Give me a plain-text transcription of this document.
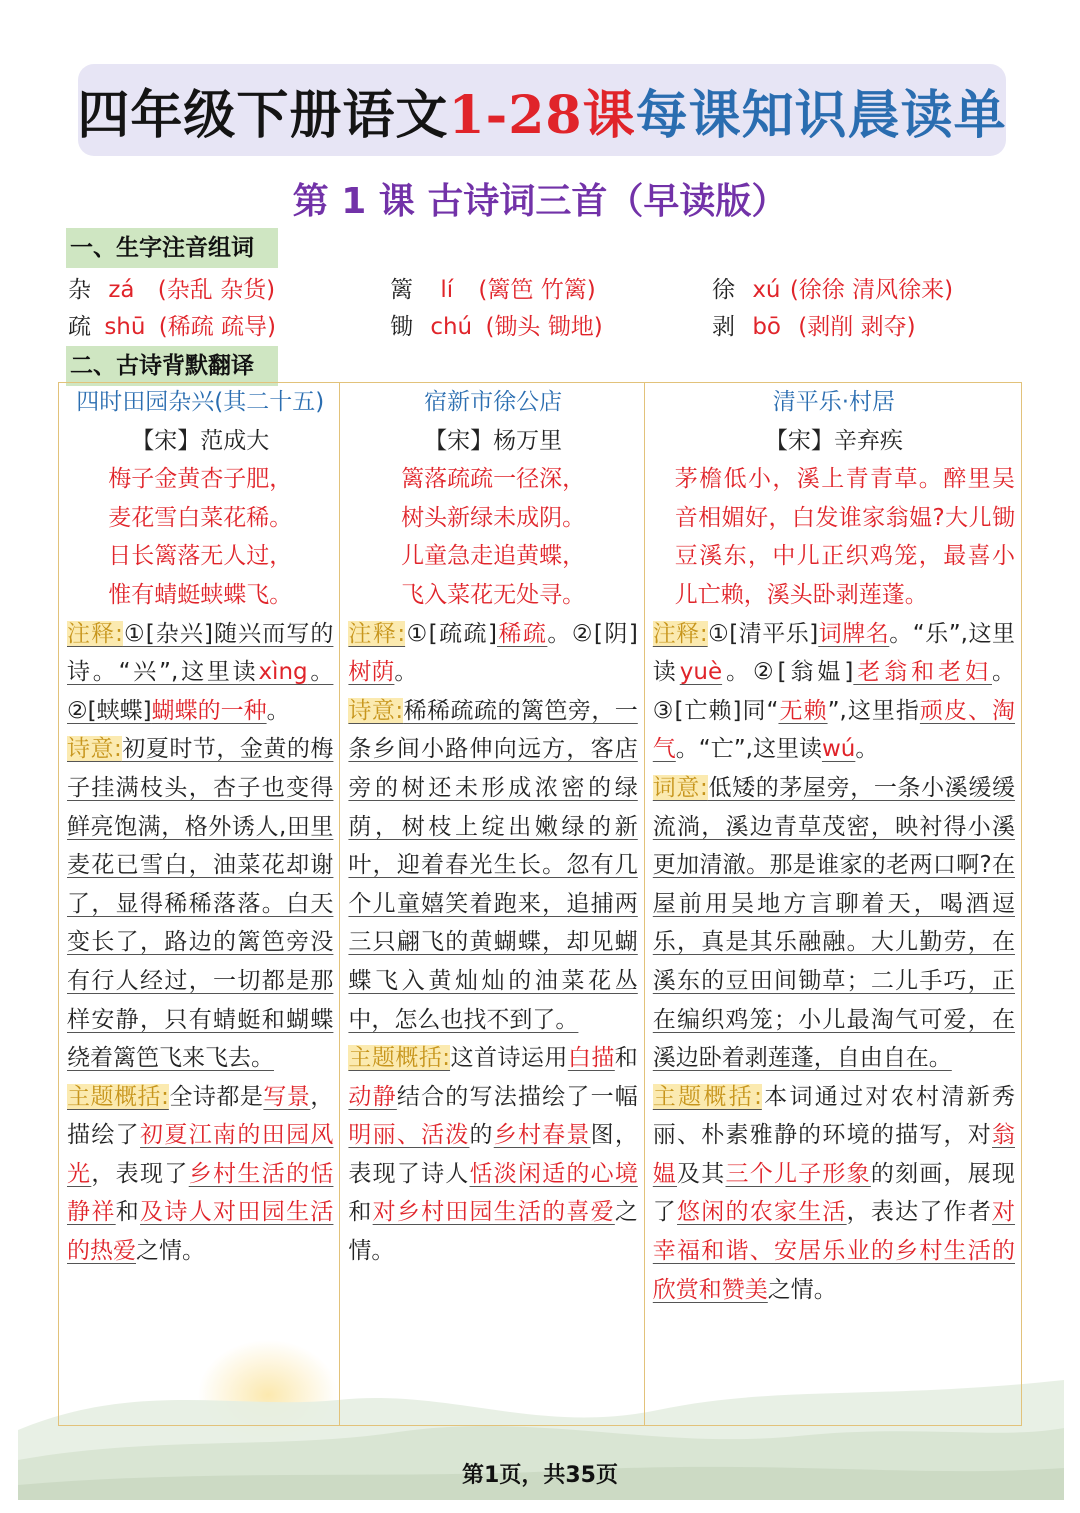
四年级下册语文 1-28课 每课知识晨读单
第 1 课 古诗词三首（早读版）
一、生字注音组词
杂 zá (杂乱 杂货)	篱 lí (篱笆 竹篱)	徐 xú (徐徐 清风徐来)
疏 shū (稀疏 疏导)	锄 chú (锄头 锄地)	剥 bō (剥削 剥夺)
二、古诗背默翻译
四时田园杂兴(其二十五)
【宋】范成大
梅子金黄杏子肥，
麦花雪白菜花稀。
日长篱落无人过，
惟有蜻蜓蛱蝶飞。
注释:①[杂兴]随兴而写的诗。“兴”,这里读xìng。②[蛱蝶]蝴蝶的一种。
诗意:初夏时节，金黄的梅子挂满枝头，杏子也变得鲜亮饱满，格外诱人,田里麦花已雪白，油菜花却谢了，显得稀稀落落。白天变长了，路边的篱笆旁没有行人经过，一切都是那样安静，只有蜻蜓和蝴蝶绕着篱笆飞来飞去。
主题概括:全诗都是写景，描绘了初夏江南的田园风光，表现了乡村生活的恬静祥和及诗人对田园生活的热爱之情。
宿新市徐公店
【宋】杨万里
篱落疏疏一径深，
树头新绿未成阴。
儿童急走追黄蝶，
飞入菜花无处寻。
注释:①[疏疏]稀疏。②[阴]树荫。
诗意:稀稀疏疏的篱笆旁，一条乡间小路伸向远方，客店旁的树还未形成浓密的绿荫，树枝上绽出嫩绿的新叶，迎着春光生长。忽有几个儿童嬉笑着跑来，追捕两三只翩飞的黄蝴蝶，却见蝴蝶飞入黄灿灿的油菜花丛中，怎么也找不到了。
主题概括:这首诗运用白描和动静结合的写法描绘了一幅明丽、活泼的乡村春景图，表现了诗人恬淡闲适的心境和对乡村田园生活的喜爱之情。
清平乐·村居
【宋】辛弃疾
茅檐低小，溪上青青草。醉里吴音相媚好，白发谁家翁媪?大儿锄豆溪东，中儿正织鸡笼，最喜小儿亡赖，溪头卧剥莲蓬。
注释:①[清平乐]词牌名。“乐”,这里读yuè。②[翁媪]老翁和老妇。③[亡赖]同“无赖”,这里指顽皮、淘气。“亡”,这里读wú。
词意:低矮的茅屋旁，一条小溪缓缓流淌，溪边青草茂密，映衬得小溪更加清澈。那是谁家的老两口啊?在屋前用吴地方言聊着天，喝酒逗乐，真是其乐融融。大儿勤劳，在溪东的豆田间锄草；二儿手巧，正在编织鸡笼；小儿最淘气可爱，在溪边卧着剥莲蓬，自由自在。
主题概括:本词通过对农村清新秀丽、朴素雅静的环境的描写，对翁媪及其三个儿子形象的刻画，展现了悠闲的农家生活，表达了作者对幸福和谐、安居乐业的乡村生活的欣赏和赞美之情。
第1页，共35页
